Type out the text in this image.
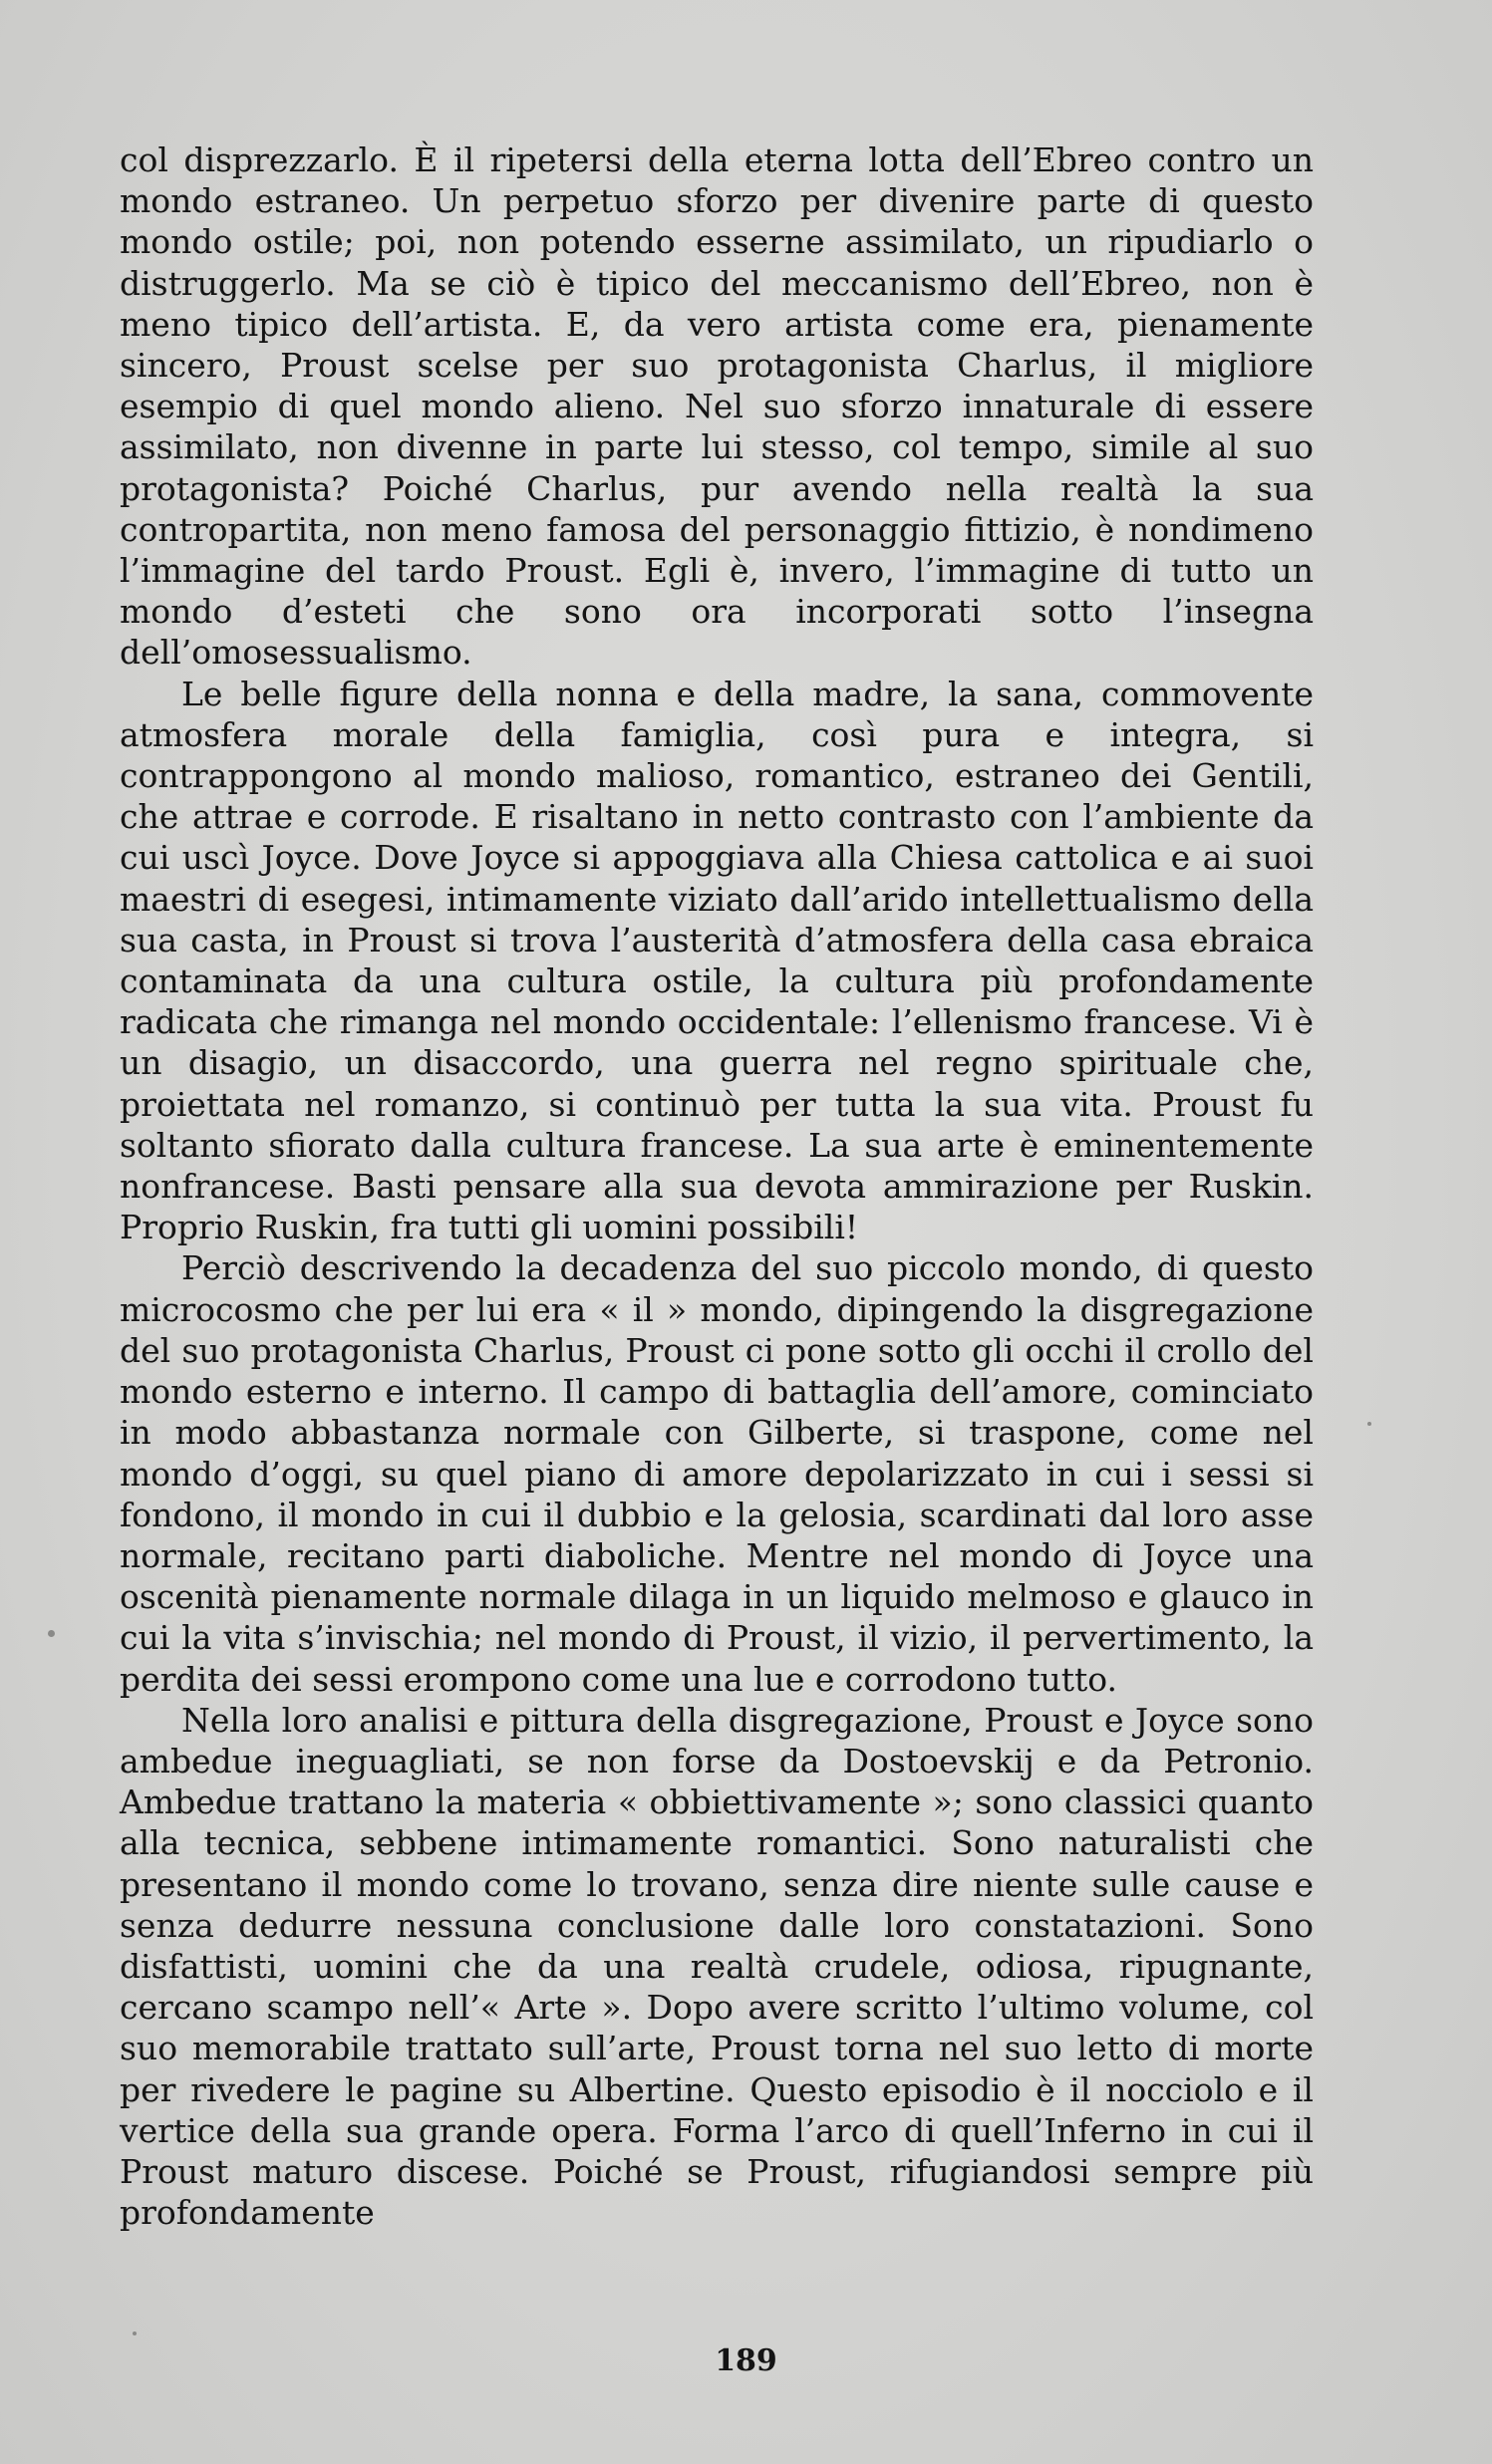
col disprezzarlo. È il ripetersi della eterna lotta dell’Ebreo contro un mondo estraneo. Un perpetuo sforzo per divenire parte di questo mondo ostile; poi, non potendo esserne assimilato, un ripudiarlo o distruggerlo. Ma se ciò è tipico del meccanismo dell’Ebreo, non è meno tipico dell’artista. E, da vero artista come era, pienamente sincero, Proust scelse per suo protagonista Charlus, il migliore esempio di quel mondo alieno. Nel suo sforzo innaturale di essere assimilato, non divenne in parte lui stesso, col tempo, simile al suo protagonista? Poiché Charlus, pur avendo nella realtà la sua contropartita, non meno famosa del personaggio fittizio, è nondimeno l’immagine del tardo Proust. Egli è, invero, l’immagine di tutto un mondo d’esteti che sono ora incorporati sotto l’insegna dell’omosessualismo.

Le belle figure della nonna e della madre, la sana, commovente atmosfera morale della famiglia, così pura e integra, si contrappongono al mondo malioso, romantico, estraneo dei Gentili, che attrae e corrode. E risaltano in netto contrasto con l’ambiente da cui uscì Joyce. Dove Joyce si appoggiava alla Chiesa cattolica e ai suoi maestri di esegesi, intimamente viziato dall’arido intellettualismo della sua casta, in Proust si trova l’austerità d’atmosfera della casa ebraica contaminata da una cultura ostile, la cultura più profondamente radicata che rimanga nel mondo occidentale: l’ellenismo francese. Vi è un disagio, un disaccordo, una guerra nel regno spirituale che, proiettata nel romanzo, si continuò per tutta la sua vita. Proust fu soltanto sfiorato dalla cultura francese. La sua arte è eminentemente nonfrancese. Basti pensare alla sua devota ammirazione per Ruskin. Proprio Ruskin, fra tutti gli uomini possibili!

Perciò descrivendo la decadenza del suo piccolo mondo, di questo microcosmo che per lui era « il » mondo, dipingendo la disgregazione del suo protagonista Charlus, Proust ci pone sotto gli occhi il crollo del mondo esterno e interno. Il campo di battaglia dell’amore, cominciato in modo abbastanza normale con Gilberte, si traspone, come nel mondo d’oggi, su quel piano di amore depolarizzato in cui i sessi si fondono, il mondo in cui il dubbio e la gelosia, scardinati dal loro asse normale, recitano parti diaboliche. Mentre nel mondo di Joyce una oscenità pienamente normale dilaga in un liquido melmoso e glauco in cui la vita s’invischia; nel mondo di Proust, il vizio, il pervertimento, la perdita dei sessi erompono come una lue e corrodono tutto.

Nella loro analisi e pittura della disgregazione, Proust e Joyce sono ambedue ineguagliati, se non forse da Dostoevskij e da Petronio. Ambedue trattano la materia « obbiettivamente »; sono classici quanto alla tecnica, sebbene intimamente romantici. Sono naturalisti che presentano il mondo come lo trovano, senza dire niente sulle cause e senza dedurre nessuna conclusione dalle loro constatazioni. Sono disfattisti, uomini che da una realtà crudele, odiosa, ripugnante, cercano scampo nell’« Arte ». Dopo avere scritto l’ultimo volume, col suo memorabile trattato sull’arte, Proust torna nel suo letto di morte per rivedere le pagine su Albertine. Questo episodio è il nocciolo e il vertice della sua grande opera. Forma l’arco di quell’Inferno in cui il Proust maturo discese. Poiché se Proust, rifugiandosi sempre più profondamente

189
